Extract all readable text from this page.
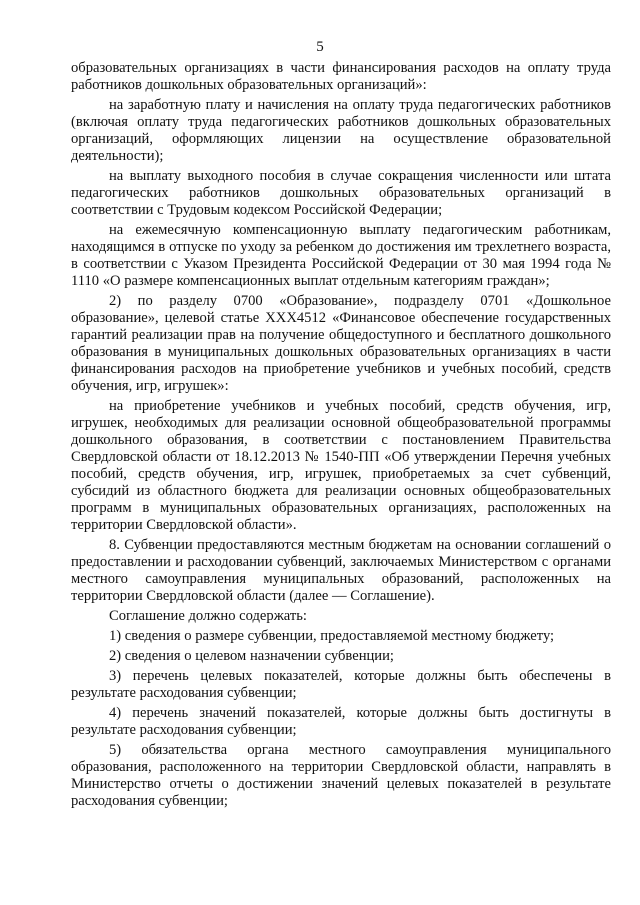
5

образовательных организациях в части финансирования расходов на оплату труда работников дошкольных образовательных организаций»:

на заработную плату и начисления на оплату труда педагогических работников (включая оплату труда педагогических работников дошкольных образовательных организаций, оформляющих лицензии на осуществление образовательной деятельности);

на выплату выходного пособия в случае сокращения численности или штата педагогических работников дошкольных образовательных организаций в соответствии с Трудовым кодексом Российской Федерации;

на ежемесячную компенсационную выплату педагогическим работникам, находящимся в отпуске по уходу за ребенком до достижения им трехлетнего возраста, в соответствии с Указом Президента Российской Федерации от 30 мая 1994 года № 1110 «О размере компенсационных выплат отдельным категориям граждан»;

2) по разделу 0700 «Образование», подразделу 0701 «Дошкольное образование», целевой статье ХХХ4512 «Финансовое обеспечение государственных гарантий реализации прав на получение общедоступного и бесплатного дошкольного образования в муниципальных дошкольных образовательных организациях в части финансирования расходов на приобретение учебников и учебных пособий, средств обучения, игр, игрушек»:

на приобретение учебников и учебных пособий, средств обучения, игр, игрушек, необходимых для реализации основной общеобразовательной программы дошкольного образования, в соответствии с постановлением Правительства Свердловской области от 18.12.2013 № 1540-ПП «Об утверждении Перечня учебных пособий, средств обучения, игр, игрушек, приобретаемых за счет субвенций, субсидий из областного бюджета для реализации основных общеобразовательных программ в муниципальных образовательных организациях, расположенных на территории Свердловской области».

8. Субвенции предоставляются местным бюджетам на основании соглашений о предоставлении и расходовании субвенций, заключаемых Министерством с органами местного самоуправления муниципальных образований, расположенных на территории Свердловской области (далее — Соглашение).

Соглашение должно содержать:

1) сведения о размере субвенции, предоставляемой местному бюджету;

2) сведения о целевом назначении субвенции;

3) перечень целевых показателей, которые должны быть обеспечены в результате расходования субвенции;

4) перечень значений показателей, которые должны быть достигнуты в результате расходования субвенции;

5) обязательства органа местного самоуправления муниципального образования, расположенного на территории Свердловской области, направлять в Министерство отчеты о достижении значений целевых показателей в результате расходования субвенции;
